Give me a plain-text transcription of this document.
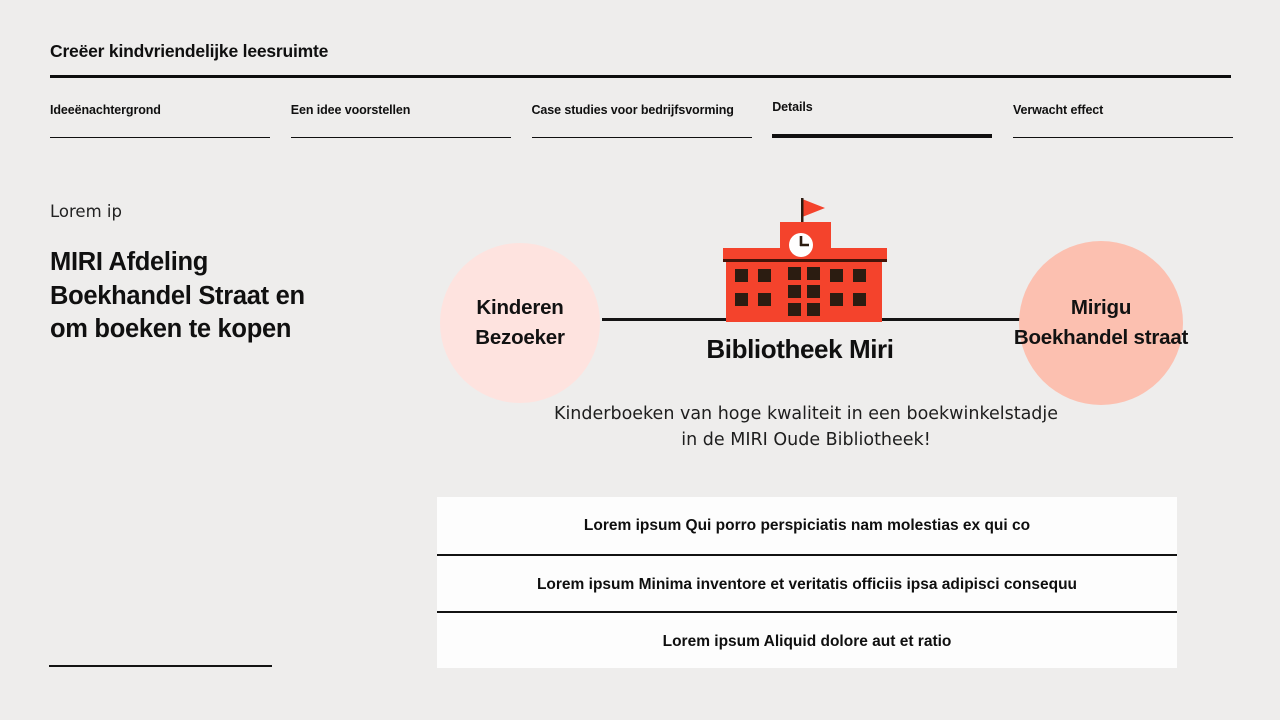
Creëer kindvriendelijke leesruimte
Ideeënachtergrond	Een idee voorstellen	Case studies voor bedrijfsvorming	Details	Verwacht effect
Lorem ip
MIRI Afdeling
Boekhandel Straat en
om boeken te kopen
Kinderen
Bezoeker
Mirigu
Boekhandel straat
Bibliotheek Miri
Kinderboeken van hoge kwaliteit in een boekwinkelstadje
in de MIRI Oude Bibliotheek!
Lorem ipsum Qui porro perspiciatis nam molestias ex qui co
Lorem ipsum Minima inventore et veritatis officiis ipsa adipisci consequu
Lorem ipsum Aliquid dolore aut et ratio
